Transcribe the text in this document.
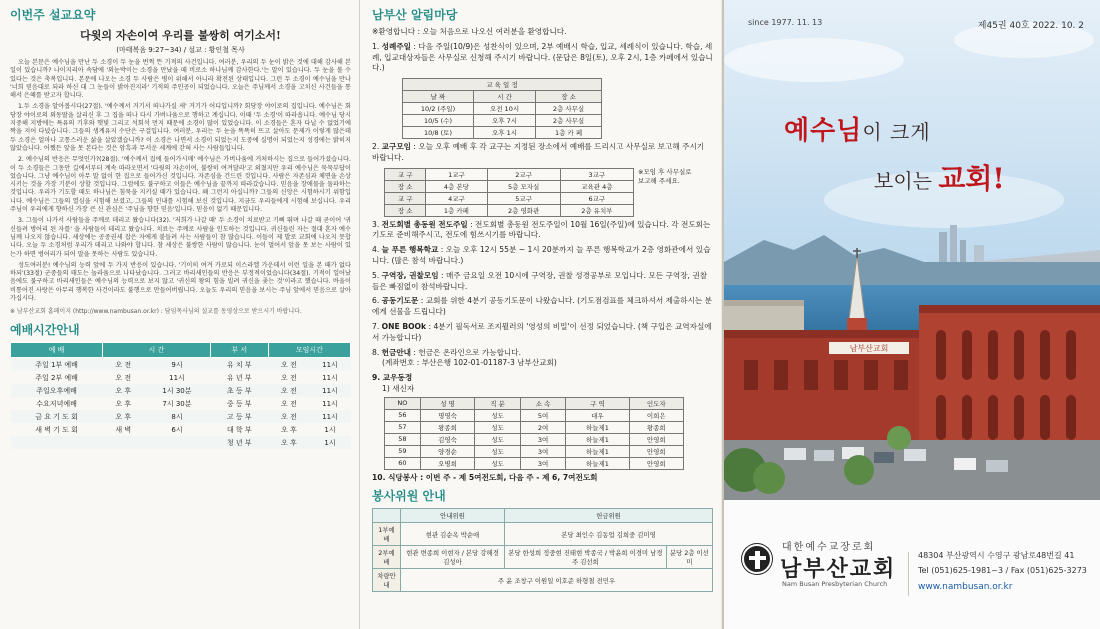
이번주 설교요약
다윗의 자손이여 우리를 불쌍히 여기소서!
(마태복음 9:27~34) / 설교 : 황인철 목사

오늘 본문은 예수님을 만난 두 소경이 두 눈을 번쩍 뜬 기적의 사건입니다. 여러분, 우리의 두 눈이 밝은 것에 대해 감사해 본 일이 있습니까? 나이지리아 속담에 '외눈박이는 소경을 만났을 때 비로소 하나님께 감사한다.'는 말이 있습니다. 두 눈을 볼 수 있다는 것은 축복입니다. 본문에 나오는 소경 두 사람은 병이 위해서 아니라 확전된 상태입니다. 그런 두 소경이 예수님을 만나 '너희 믿음대로 되라 하신 대 그 눈들이 밝아진지라' 기적의 주인공이 되었습니다. 오늘은 주님께서 소경을 고치신 사건들을 통해서 은혜를 받고자 합니다.

1.두 소경을 알아봅시다(27절). '예수께서 거기서 떠나가실 새' 거기가 어디입니까? 회당장 야이로의 집입니다. 예수님은 회당장 야이로의 외동딸을 살리신 후 그 집을 떠나 다시 가버나움으로 행하고 계십니다. 이때 '두 소경'이 따라옵니다. 예수님 당시 지중해 지방에는 특유의 기후와 햇빛 그리고 석회석 먼지 때문에 소경이 많이 있었습니다. 이 소경들은 혼자 다닐 수 없었기에 짝을 지어 다녔습니다. 그들의 생계유지 수단은 구걸입니다. 여러분, 우리는 두 눈을 똑똑히 뜨고 살아도 문제가 이렇게 많은데 두 소경은 얼마나 고통스러운 삶을 살았겠습니까? 이 소경은 나면서 소경이 되었는지 도중에 실명이 되었는지 성경에는 밝히지 않았습니다. 어쨌든 앞을 못 본다는 것은 암흑과 무서운 세계에 갇혀 사는 사람들입니다.

2. 예수님의 반응은 무엇인가?(28절). '예수께서 집에 들어가시매' 예수님은 가버나움에 거처하시는 집으로 들어가셨습니다. 이 두 소경들은 그동안 길에서부터 계속 따라오면서 '다윗의 자손이여, 불쌍히 여겨달라'고 외쳤지만 우리 예수님은 묵묵부답이었습니다. 그냥 예수님이 아무 말 없이 한 집으로 들어가신 것입니다. 자존심을 건드린 것입니다. 사람은 자존심과 체면을 손상시키는 것을 가장 기분이 상할 것입니다. 그럼에도 불구하고 이들은 예수님을 끝까지 따라갔습니다. 믿음을 장애물을 돌파하는 것입니다. 우리가 기도할 때도 하나님은 침묵을 지키실 때가 있습니다. 왜 그런지 아십니까? 그들의 신앙은 시험하시기 위함입니다. 예수님은 그들의 열심을 시험해 보셨고, 그들의 인내를 시험해 보신 것입니다. 지금도 우리들에게 시험해 보십니다. 우리 주님이 우리에게 향하신 가장 큰 신 관심은 '주님을 향한 믿음'입니다. 믿음이 없기 때문입니다.

3. 그들이 나가서 사람들을 주께로 데리고 왔습니다(32). '저희가 나갈 때' 두 소경이 치료받고 기뻐 뛰며 나갈 때 곧이어 '귀신들려 벙어리 된 자를' 을 사람들이 데리고 왔습니다. 치료는 주께로 사람을 인도하는 것입니다. 귀신들린 자는 절대 혼자 예수님께 나오지 않습니다. 세상에는 공중권세 잡은 자에게 붙들려 사는 사람들이 참 많습니다. 이들이 제 발로 교회에 나오지 못합니다. 오늘 두 소경처럼 우리가 데리고 나와야 합니다. 참 세상은 불쌍한 사람이 많습니다. 눈이 멀어서 앞을 못 보는 사람이 있는가 하면 벙어리가 되어 말을 못하는 사람도 있습니다.

성도여러분! 예수님의 능력 앞에 두 가지 반응이 있습니다. '기이히 여겨 가로되 이스라엘 가운데서 이런 일을 본 때가 없다 하되'(33절) 군중들의 태도는 놀라움으로 나타났습니다. 그러고 바리새인들의 반응은 부정적이었습니다(34절). 기적이 일어났음에도 불구하고 바리새인들은 예수님의 능력으로 보지 않고 '귀신의 왕의 힘을 빌려 귀신을 좇는 것'이라고 했습니다. 바울이 비통어진 사랑은 아무리 행복한 사건이라도 불행으로 만들어버립니다. 오늘도 우리의 믿음을 보시는 주님 앞에서 믿음으로 살아가십시다.

※ 남부산교회 홈페이지 (http://www.nambusan.or.kr) : 담임목사님의 설교를 동영상으로 받으시기 바랍니다.
예배시간안내
예 배	시 간		부 서	모임시간	
주일 1부 예배	오 전	9시	유 치 부	오 전	11시
주일 2부 예배	오 전	11시	유 년 부	오 전	11시
주일오후예배	오 후	1시 30분	초 등 부	오 전	11시
수요저녁예배	오 후	7시 30분	중 등 부	오 전	11시
금 요 기 도 회	오 후	8시	고 등 부	오 전	11시
새 벽 기 도 회	새 벽	6시	대 학 부	오 후	1시
			청 년 부	오 후	1시
남부산 알림마당
※환영합니다 : 오늘 처음으로 나오신 여러분을 환영합니다.
1. 성례주일 : 다음 주일(10/9)은 성찬식이 있으며, 2부 예배시 학습, 입교, 세례식이 있습니다. 학습, 세례, 입교대상자들은 사무실로 신청해 주시기 바랍니다. (문답은 8일(토), 오후 2시, 1층 카페에서 있습니다.)
교 육 일 정		
날 짜	시 간	장 소
10/2 (주일)	오전 10시	2층 사무실
10/5 (수)	오후 7시	2층 사무실
10/8 (토)	오후 1시	1층 카 페
2. 교구모임 : 오늘 오후 예배 후 각 교구는 지정된 장소에서 예배를 드리시고 사무실로 보고해 주시기 바랍니다.
교 구	1교구	2교구	3교구
장 소	4층 본당	5층 모자실	교육관 4층
교 구	4교구	5교구	6교구
장 소	1층 카페	2층 영화관	2층 유치부
※모임 후 사무실로 보고해 주세요.
3. 전도회별 총동원 전도주일 : 전도회별 총동원 전도주일이 10월 16일(주일)에 있습니다. 각 전도회는 기도로 준비해주시고, 전도에 힘쓰시기를 바랍니다.
4. 늘 푸른 행복학교 : 오늘 오후 12시 55분 ~ 1시 20분까지 늘 푸른 행복학교가 2층 영화관에서 있습니다. (많은 참석 바랍니다.)
5. 구역장, 권찰모임 : 매주 금요일 오전 10시에 구역장, 권찰 성경공부로 모입니다. 모든 구역장, 권찰들은 빠짐없이 참석바랍니다.
6. 공동기도문 : 교회를 위한 4분기 공동기도문이 나왔습니다. (기도점검표를 체크하셔서 제출하시는 분에게 선물을 드립니다)
7. ONE BOOk : 4분기 필독서로 조지뮐러의 '영성의 비밀'이 선정 되었습니다. (책 구입은 교역자실에서 가능합니다)
8. 헌금안내 : 헌금은 온라인으로 가능합니다.
(계좌번호 : 부산은행 102-01-01187-3 남부산교회)
9. 교우동정
1) 새신자
NO	성 명	직 분	소 속	구 역	인도자
56	명영숙	성도	5여	대우	이희은
57	왕종희	성도	2여	하늘제1	왕종희
58	김영숙	성도	3여	하늘제1	안영희
59	양경순	성도	3여	하늘제1	안영희
60	오병희	성도	3여	하늘제1	안영희
10. 식당봉사 : 이번 주 - 제 5여전도회, 다음 주 - 제 6, 7여전도회
봉사위원 안내
	안내위원	헌금위원	
1부예배	현관 김순옥 박순애	본당 최인수 김동업 김희중 김미영	
2부예배	현관 변종희 이현자 / 본당 강해경 김성아	본당 한성희 정중현 진태현 박종국 / 박윤희 이경미 남경주 김선희	분당 2층 이선미
차량안내	주 윤 조창구 이원일 이호준 하형철 전민우		
남부산교회
since 1977. 11. 13	제45권 40호 2022. 10. 2
예수님이 크게
보이는 교회!
대한예수교장로회
남부산교회
Nam Busan Presbyterian Church
48304 부산광역시 수영구 광남로48번길 41
Tel (051)625-1981~3 / Fax (051)625-3273
www.nambusan.or.kr
